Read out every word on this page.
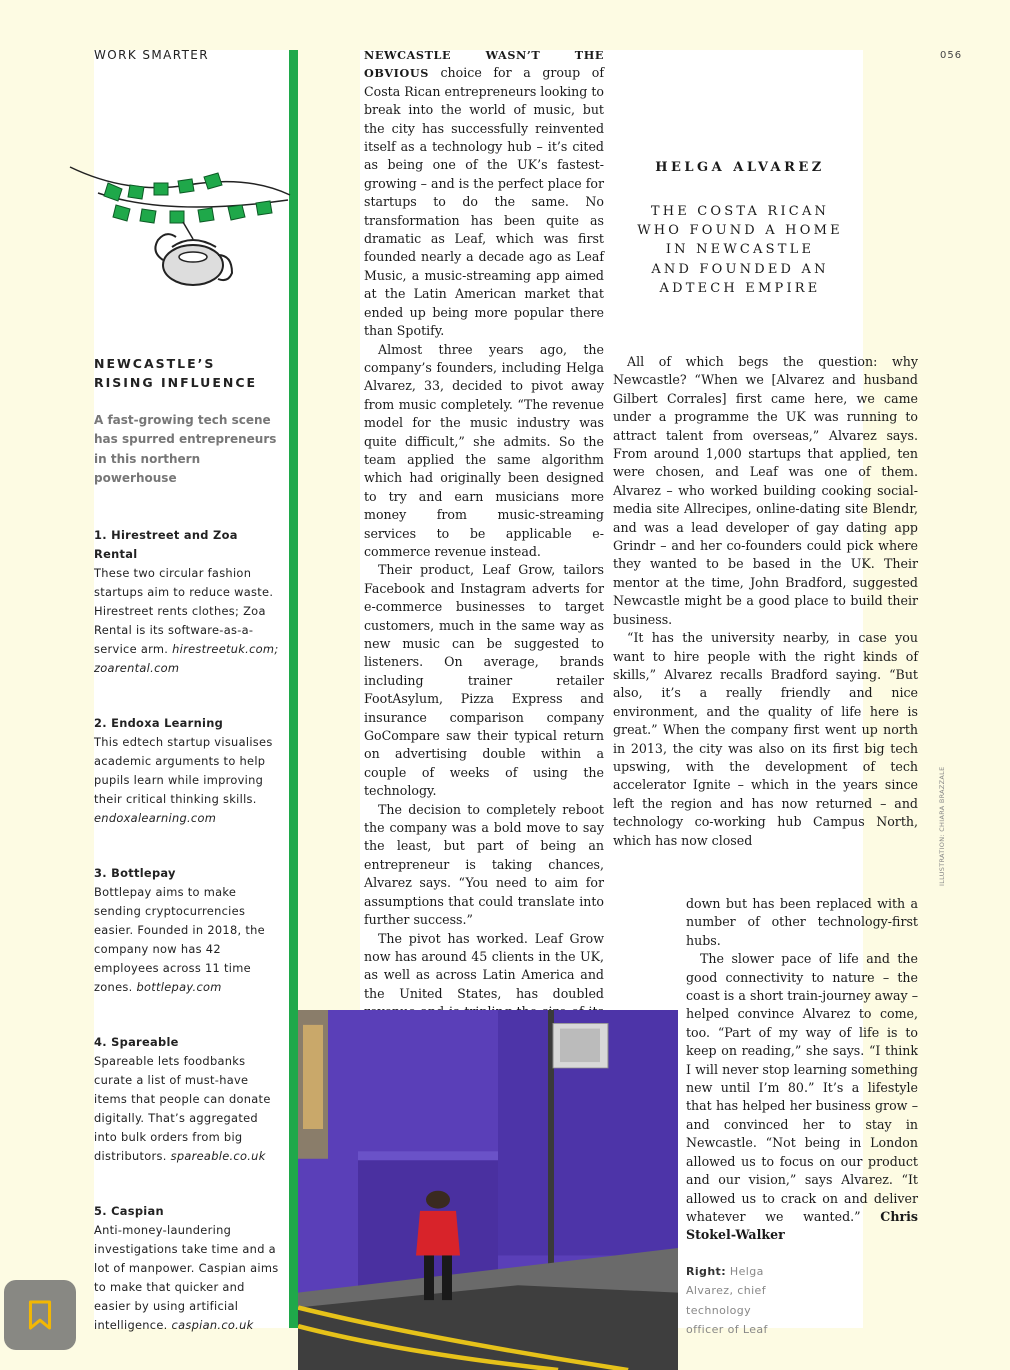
WORK SMARTER	056
NEWCASTLE’S
RISING INFLUENCE
A fast-growing tech scene
has spurred entrepreneurs
in this northern powerhouse
1. Hirestreet and Zoa Rental
These two circular fashion startups aim to reduce waste. Hirestreet rents clothes; Zoa Rental is its software-as-a-service arm. hirestreetuk.com; zoarental.com
2. Endoxa Learning
This edtech startup visualises academic arguments to help pupils learn while improving their critical thinking skills. endoxalearning.com
3. Bottlepay
Bottlepay aims to make sending cryptocurrencies easier. Founded in 2018, the company now has 42 employees across 11 time zones. bottlepay.com
4. Spareable
Spareable lets foodbanks curate a list of must-have items that people can donate digitally. That’s aggregated into bulk orders from big distributors. spareable.co.uk
5. Caspian
Anti-money-laundering investigations take time and a lot of manpower. Caspian aims to make that quicker and easier by using artificial intelligence. caspian.co.uk
HELGA ALVAREZ
THE COSTA RICAN
WHO FOUND A HOME
IN NEWCASTLE
AND FOUNDED AN
ADTECH EMPIRE

NEWCASTLE WASN’T THE OBVIOUS choice for a group of Costa Rican entrepreneurs looking to break into the world of music, but the city has successfully reinvented itself as a technology hub – it’s cited as being one of the UK’s fastest-growing – and is the perfect place for startups to do the same. No transformation has been quite as dramatic as Leaf, which was first founded nearly a decade ago as Leaf Music, a music-streaming app aimed at the Latin American market that ended up being more popular there than Spotify.

Almost three years ago, the company’s founders, including Helga Alvarez, 33, decided to pivot away from music completely. “The revenue model for the music industry was quite difficult,” she admits. So the team applied the same algorithm which had originally been designed to try and earn musicians more money from music-streaming services to be applicable e-commerce revenue instead.

Their product, Leaf Grow, tailors Facebook and Instagram adverts for e-commerce businesses to target customers, much in the same way as new music can be suggested to listeners. On average, brands including trainer retailer FootAsylum, Pizza Express and insurance comparison company GoCompare saw their typical return on advertising double within a couple of weeks of using the technology.

The decision to completely reboot the company was a bold move to say the least, but part of being an entrepreneur is taking chances, Alvarez says. “You need to aim for assumptions that could translate into further success.”

The pivot has worked. Leaf Grow now has around 45 clients in the UK, as well as across Latin America and the United States, has doubled

All of which begs the question: why Newcastle? “When we [Alvarez and husband Gilbert Corrales] first came here, we came under a programme the UK was running to attract talent from overseas,” Alvarez says. From around 1,000 startups that applied, ten were chosen, and Leaf was one of them. Alvarez – who worked building cooking social-media site Allrecipes, online-dating site Blendr, and was a lead developer of gay dating app Grindr – and her co-founders could pick where they wanted to be based in the UK. Their mentor at the time, John Bradford, suggested Newcastle might be a good place to build their business.

“It has the university nearby, in case you want to hire people with the right kinds of skills,” Alvarez recalls Bradford saying. “But also, it’s a really friendly and nice environment, and the quality of life here is great.” When the company first went up north in 2013, the city was also on its first big tech upswing, with the development of tech accelerator Ignite – which in the years since left the region and has now returned – and technology co-working hub Campus North, which has now closed

down but has been replaced with a number of other technology-first hubs.

The slower pace of life and the good connectivity to nature – the coast is a short train-journey away – helped convince Alvarez to come, too. “Part of my way of life is to keep on reading,” she says. “I think I will never stop learning something new until I’m 80.” It’s a lifestyle that has helped her business grow – and convinced her to stay in Newcastle. “Not being in London allowed us to focus on our product and our vision,” says Alvarez. “It allowed us to crack on and deliver whatever we wanted.” Chris Stokel-Walker

Right: Helga Alvarez, chief technology officer of Leaf
ILLUSTRATION: CHIARA BRAZZALE
